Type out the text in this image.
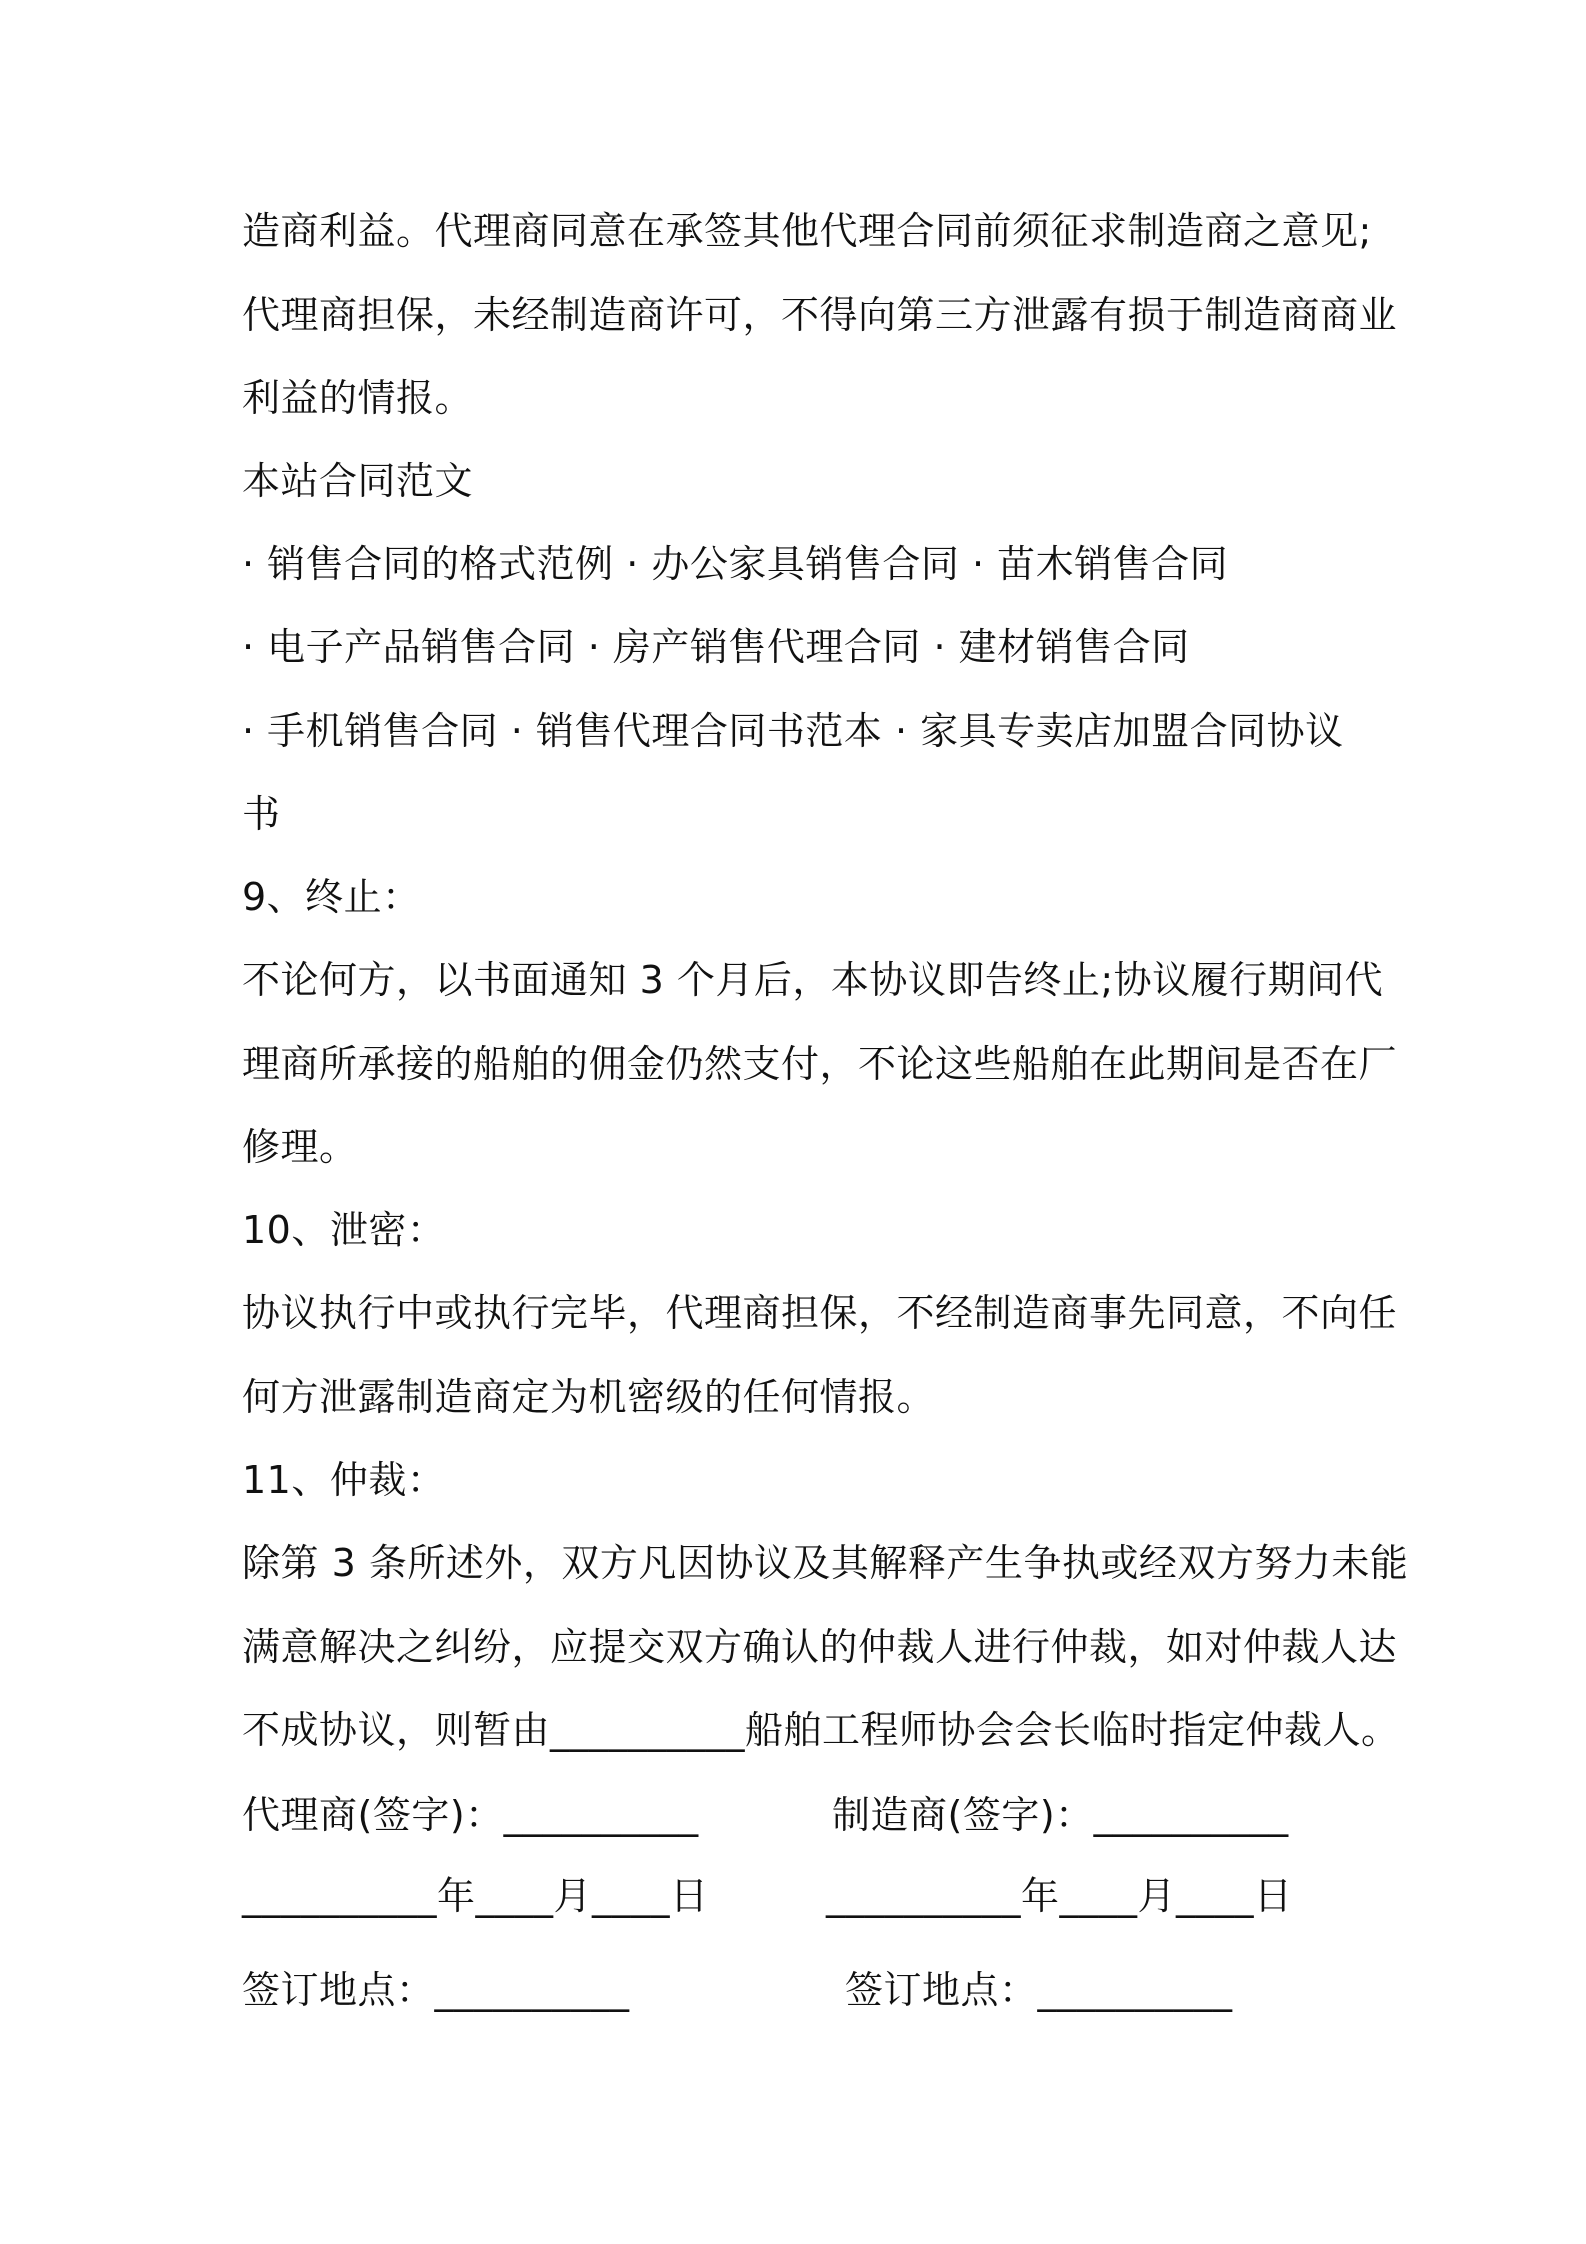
造商利益。代理商同意在承签其他代理合同前须征求制造商之意见;
代理商担保，未经制造商许可，不得向第三方泄露有损于制造商商业
利益的情报。
本站合同范文
· 销售合同的格式范例 · 办公家具销售合同 · 苗木销售合同
· 电子产品销售合同 · 房产销售代理合同 · 建材销售合同
· 手机销售合同 · 销售代理合同书范本 · 家具专卖店加盟合同协议
书
9、终止：
不论何方，以书面通知 3 个月后，本协议即告终止;协议履行期间代
理商所承接的船舶的佣金仍然支付，不论这些船舶在此期间是否在厂
修理。
10、泄密：
协议执行中或执行完毕，代理商担保，不经制造商事先同意，不向任
何方泄露制造商定为机密级的任何情报。
11、仲裁：
除第 3 条所述外，双方凡因协议及其解释产生争执或经双方努力未能
满意解决之纠纷，应提交双方确认的仲裁人进行仲裁，如对仲裁人达
不成协议，则暂由__________船舶工程师协会会长临时指定仲裁人。
代理商(签字)：__________	制造商(签字)：__________
__________年____月____日	__________年____月____日
签订地点：__________	签订地点：__________
